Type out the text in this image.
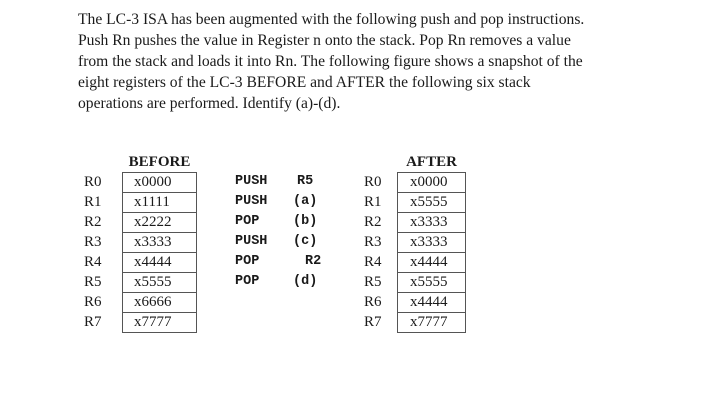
The LC-3 ISA has been augmented with the following push and pop instructions.
Push Rn pushes the value in Register n onto the stack. Pop Rn removes a value
from the stack and loads it into Rn. The following figure shows a snapshot of the
eight registers of the LC-3 BEFORE and AFTER the following six stack
operations are performed. Identify (a)-(d).

	BEFORE
R0	x0000
R1	x1111
R2	x2222
R3	x3333
R4	x4444
R5	x5555
R6	x6666
R7	x7777
PUSH R5
PUSH (a)
POP (b)
PUSH (c)
POP	R2
POP (d)
	AFTER
R0	x0000
R1	x5555
R2	x3333
R3	x3333
R4	x4444
R5	x5555
R6	x4444
R7	x7777
